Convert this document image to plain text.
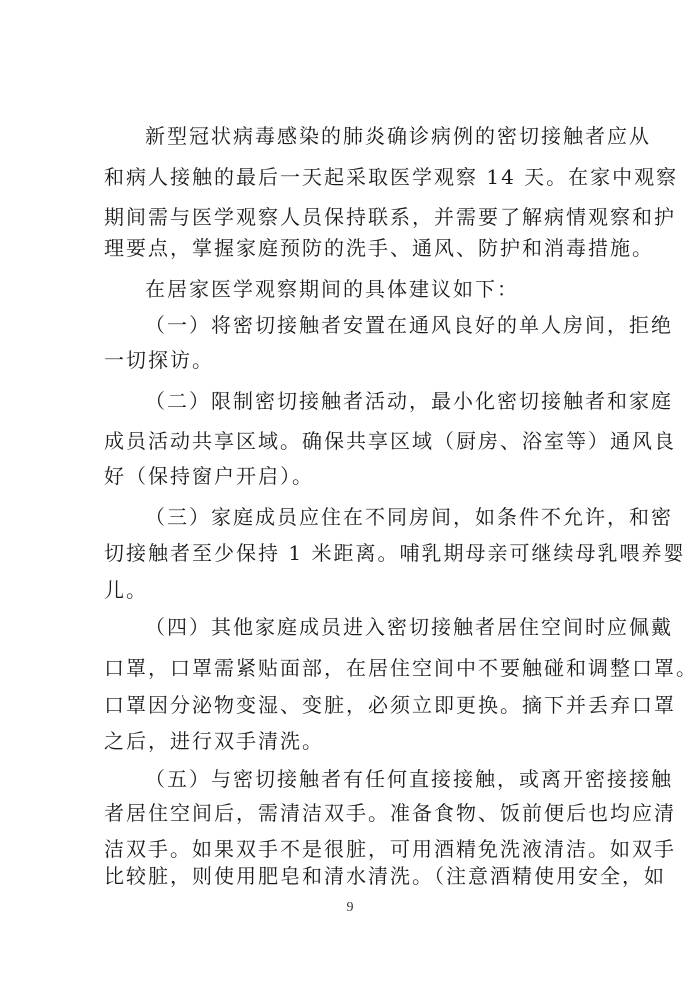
新型冠状病毒感染的肺炎确诊病例的密切接触者应从
和病人接触的最后一天起采取医学观察 14 天。在家中观察
期间需与医学观察人员保持联系，并需要了解病情观察和护
理要点，掌握家庭预防的洗手、通风、防护和消毒措施。
在居家医学观察期间的具体建议如下：
（一）将密切接触者安置在通风良好的单人房间，拒绝
一切探访。
（二）限制密切接触者活动，最小化密切接触者和家庭
成员活动共享区域。确保共享区域（厨房、浴室等）通风良
好（保持窗户开启）。
（三）家庭成员应住在不同房间，如条件不允许，和密
切接触者至少保持 1 米距离。哺乳期母亲可继续母乳喂养婴
儿。
（四）其他家庭成员进入密切接触者居住空间时应佩戴
口罩，口罩需紧贴面部，在居住空间中不要触碰和调整口罩。
口罩因分泌物变湿、变脏，必须立即更换。摘下并丢弃口罩
之后，进行双手清洗。
（五）与密切接触者有任何直接接触，或离开密接接触
者居住空间后，需清洁双手。准备食物、饭前便后也均应清
洁双手。如果双手不是很脏，可用酒精免洗液清洁。如双手
比较脏，则使用肥皂和清水清洗。（注意酒精使用安全，如
9
